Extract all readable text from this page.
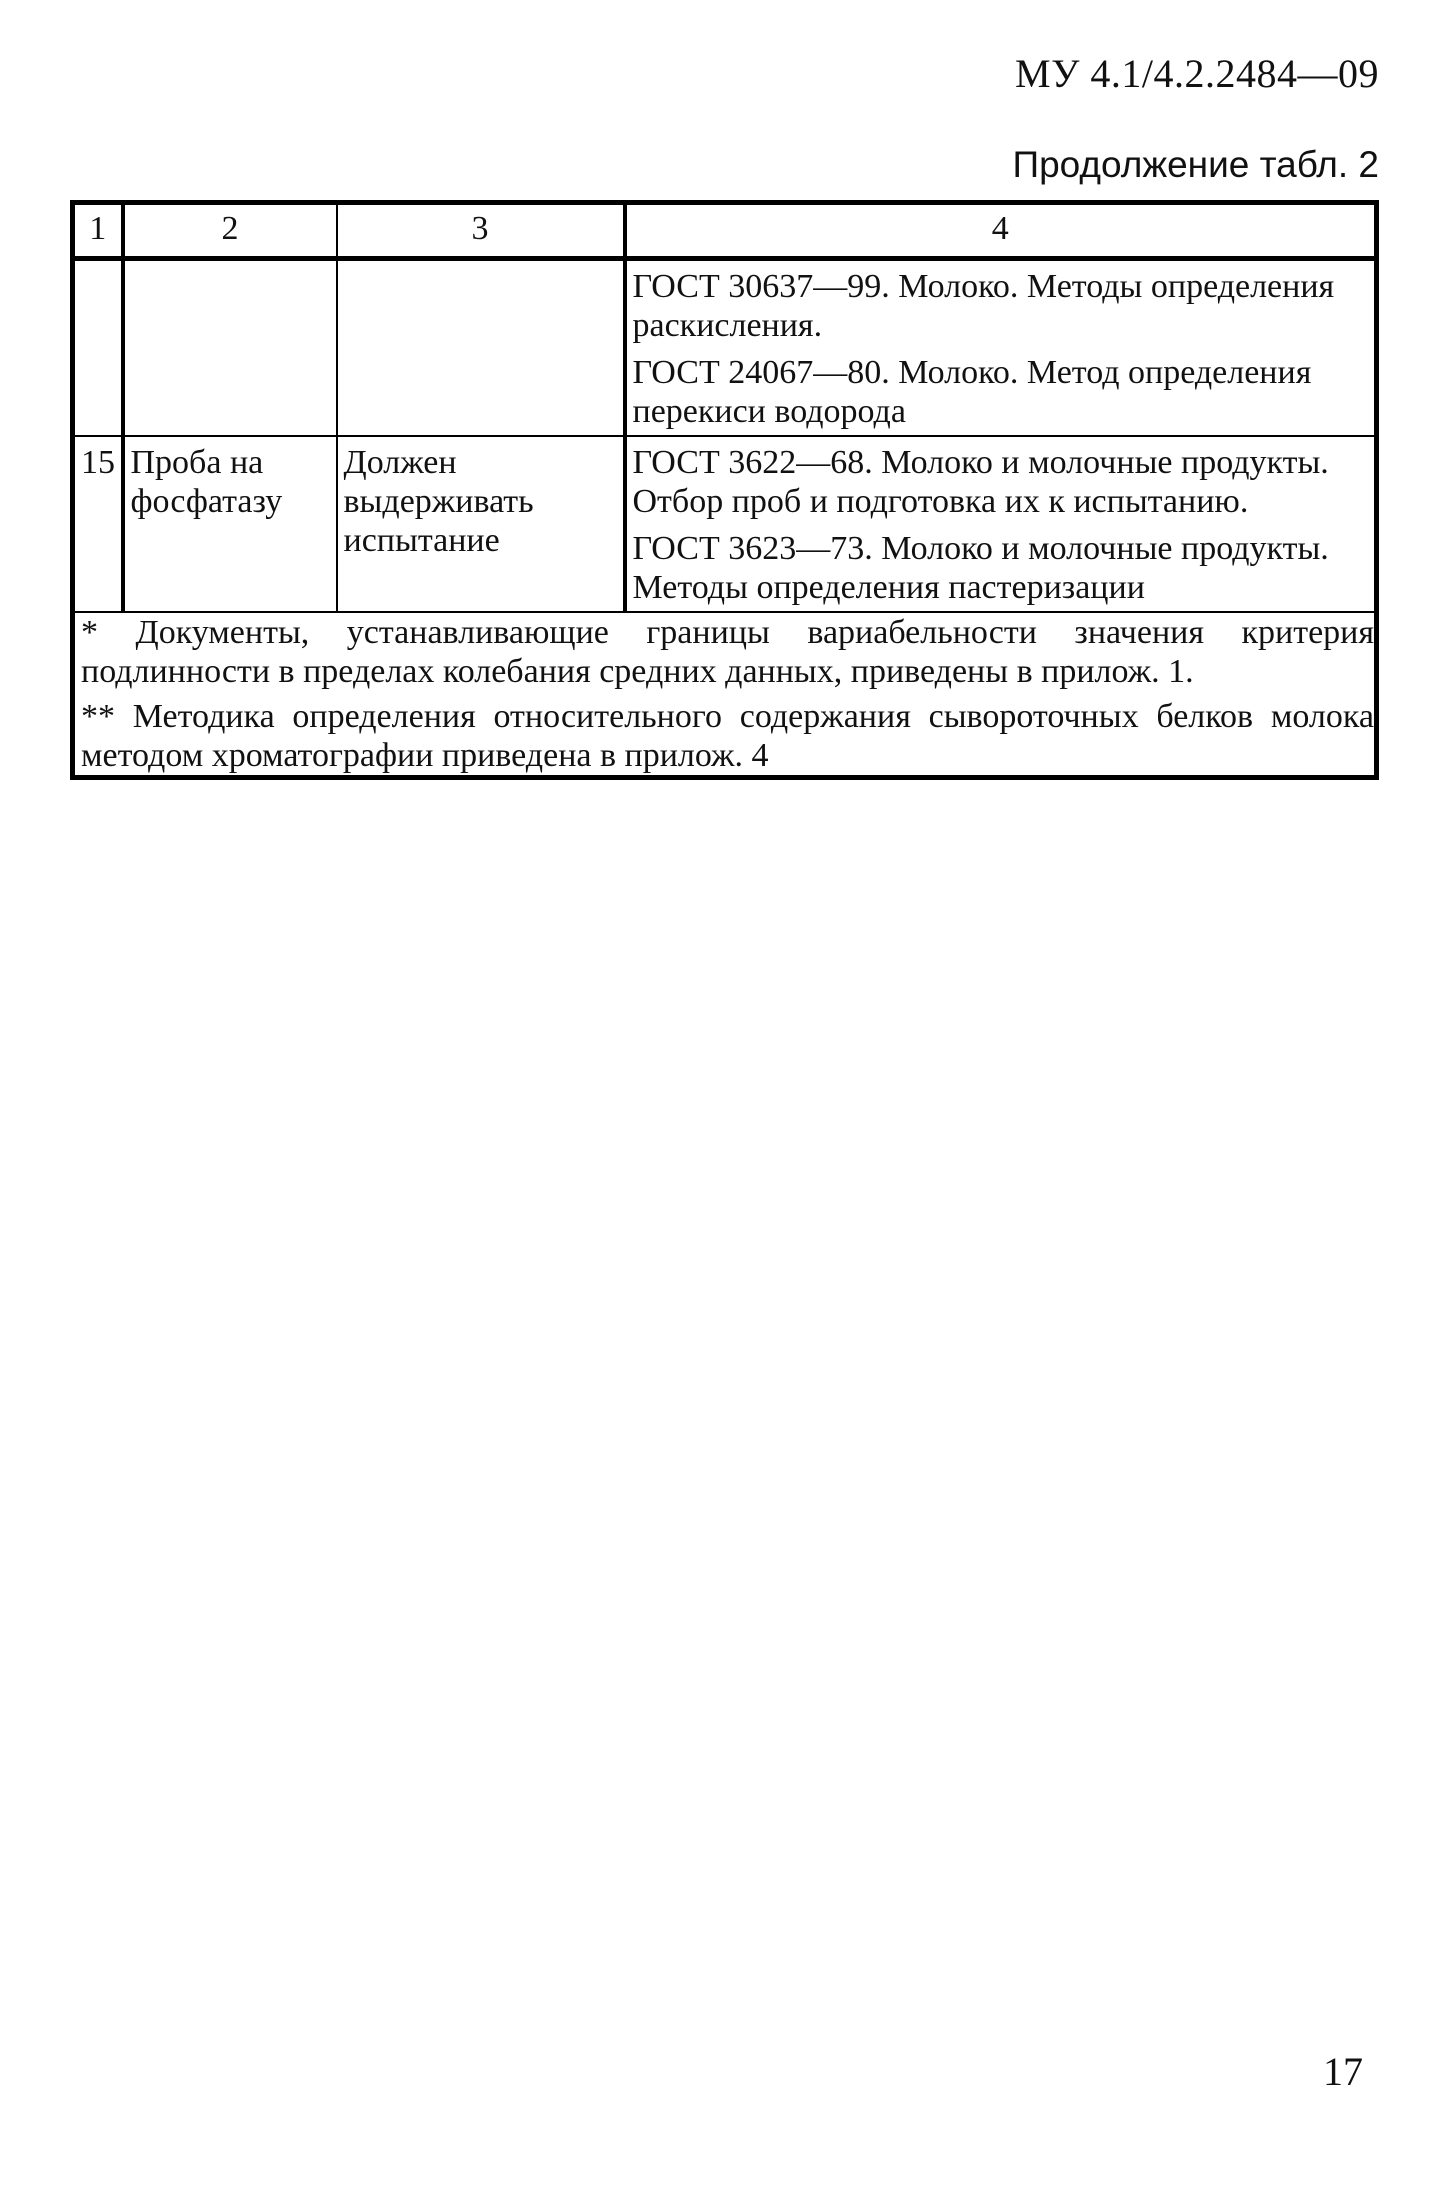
МУ 4.1/4.2.2484—09
Продолжение табл. 2
1	2	3	4

			ГОСТ 30637—99. Молоко. Методы определения раскисления.
ГОСТ 24067—80. Молоко. Метод определения перекиси водорода

15	Проба на фосфатазу	Должен выдерживать испытание	ГОСТ 3622—68. Молоко и молочные продукты. Отбор проб и подготовка их к испытанию.
ГОСТ 3623—73. Молоко и молочные продукты. Методы определения пастеризации

* Документы, устанавливающие границы вариабельности значения критерия подлинности в пределах колебания средних данных, приведены в прилож. 1.
** Методика определения относительного содержания сывороточных белков молока методом хроматографии приведена в прилож. 4			
17
